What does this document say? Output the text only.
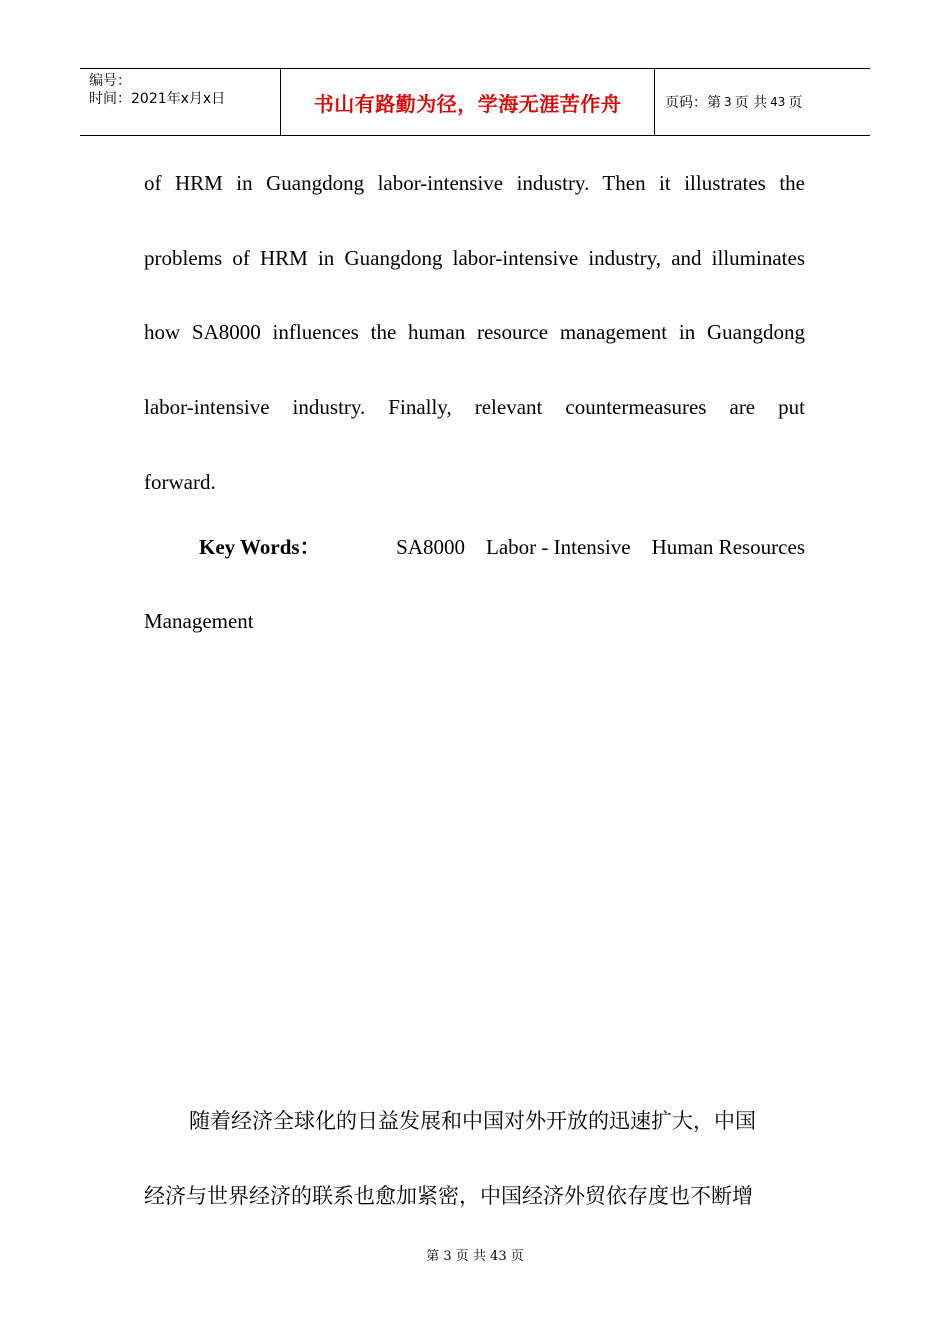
编号：
时间：2021年x月x日	书山有路勤为径，学海无涯苦作舟	页码：第 3 页 共 43 页
of HRM in Guangdong labor-intensive industry. Then it illustrates the
problems of HRM in Guangdong labor-intensive industry, and illuminates
how SA8000 influences the human resource management in Guangdong
labor-intensive industry. Finally, relevant countermeasures are put
forward.
Key Words：	SA8000    Labor - Intensive    Human Resources
Management
随着经济全球化的日益发展和中国对外开放的迅速扩大，中国
经济与世界经济的联系也愈加紧密，中国经济外贸依存度也不断增
第 3 页 共 43 页
